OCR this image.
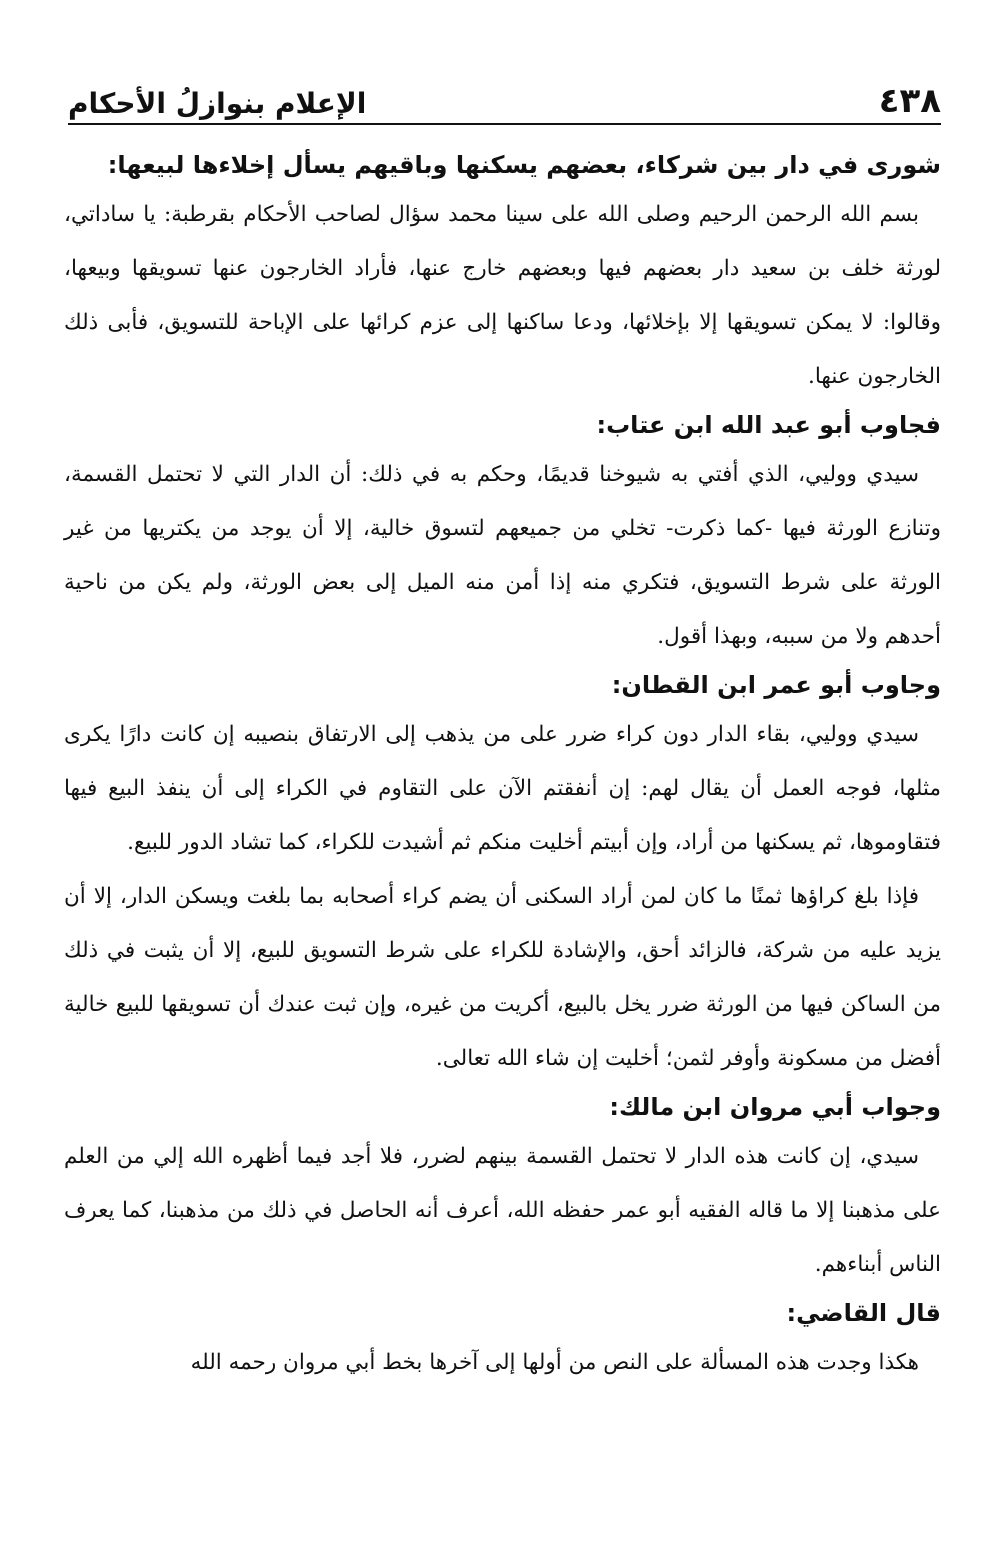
٤٣٨
الإعلام بنوازلُ الأحكام
شورى في دار بين شركاء، بعضهم يسكنها وباقيهم يسأل إخلاءها لبيعها:

بسم الله الرحمن الرحيم وصلى الله على سينا محمد سؤال لصاحب الأحكام بقرطبة: يا ساداتي، لورثة خلف بن سعيد دار بعضهم فيها وبعضهم خارج عنها، فأراد الخارجون عنها تسويقها وبيعها، وقالوا: لا يمكن تسويقها إلا بإخلائها، ودعا ساكنها إلى عزم كرائها على الإباحة للتسويق، فأبى ذلك الخارجون عنها.

فجاوب أبو عبد الله ابن عتاب:

سيدي ووليي، الذي أفتي به شيوخنا قديمًا، وحكم به في ذلك: أن الدار التي لا تحتمل القسمة، وتنازع الورثة فيها -كما ذكرت- تخلي من جميعهم لتسوق خالية، إلا أن يوجد من يكتريها من غير الورثة على شرط التسويق، فتكري منه إذا أمن منه الميل إلى بعض الورثة، ولم يكن من ناحية أحدهم ولا من سببه، وبهذا أقول.

وجاوب أبو عمر ابن القطان:

سيدي ووليي، بقاء الدار دون كراء ضرر على من يذهب إلى الارتفاق بنصيبه إن كانت دارًا يكرى مثلها، فوجه العمل أن يقال لهم: إن أنفقتم الآن على التقاوم في الكراء إلى أن ينفذ البيع فيها فتقاوموها، ثم يسكنها من أراد، وإن أبيتم أخليت منكم ثم أشيدت للكراء، كما تشاد الدور للبيع.

فإذا بلغ كراؤها ثمنًا ما كان لمن أراد السكنى أن يضم كراء أصحابه بما بلغت ويسكن الدار، إلا أن يزيد عليه من شركة، فالزائد أحق، والإشادة للكراء على شرط التسويق للبيع، إلا أن يثبت في ذلك من الساكن فيها من الورثة ضرر يخل بالبيع، أكريت من غيره، وإن ثبت عندك أن تسويقها للبيع خالية أفضل من مسكونة وأوفر لثمن؛ أخليت إن شاء الله تعالى.

وجواب أبي مروان ابن مالك:

سيدي، إن كانت هذه الدار لا تحتمل القسمة بينهم لضرر، فلا أجد فيما أظهره الله إلي من العلم على مذهبنا إلا ما قاله الفقيه أبو عمر حفظه الله، أعرف أنه الحاصل في ذلك من مذهبنا، كما يعرف الناس أبناءهم.

قال القاضي:

هكذا وجدت هذه المسألة على النص من أولها إلى آخرها بخط أبي مروان رحمه الله
